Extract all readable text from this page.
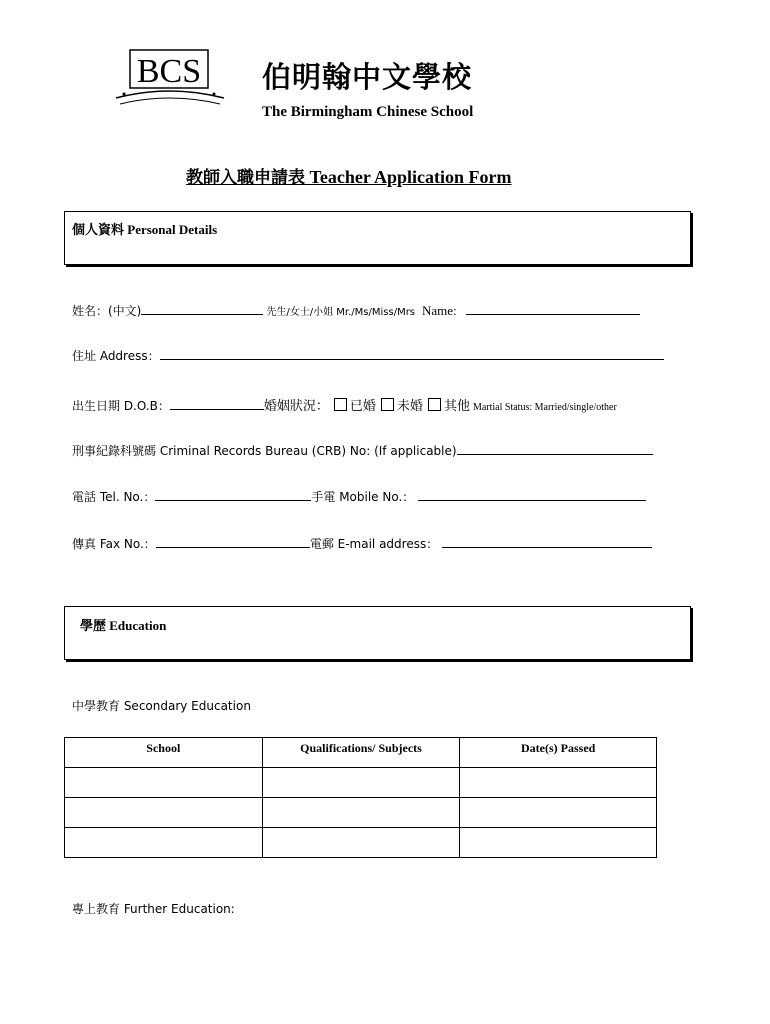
BCS 伯明翰中文學校
The Birmingham Chinese School
教師入職申請表 Teacher Application Form
個人資料 Personal Details
姓名：(中文)	先生/女士/小姐 Mr./Ms/Miss/Mrs Name:
住址 Address：
出生日期 D.O.B：	婚姻狀況： 已婚 未婚 其他 Martial Status: Married/single/other
刑事紀錄科號碼 Criminal Records Bureau (CRB) No: (If applicable)
電話 Tel. No.：	手電 Mobile No.：
傳真 Fax No.：	電郵 E-mail address：
學歷 Education
中學教育 Secondary Education
School	Qualifications/ Subjects	Date(s) Passed

專上教育 Further Education:
